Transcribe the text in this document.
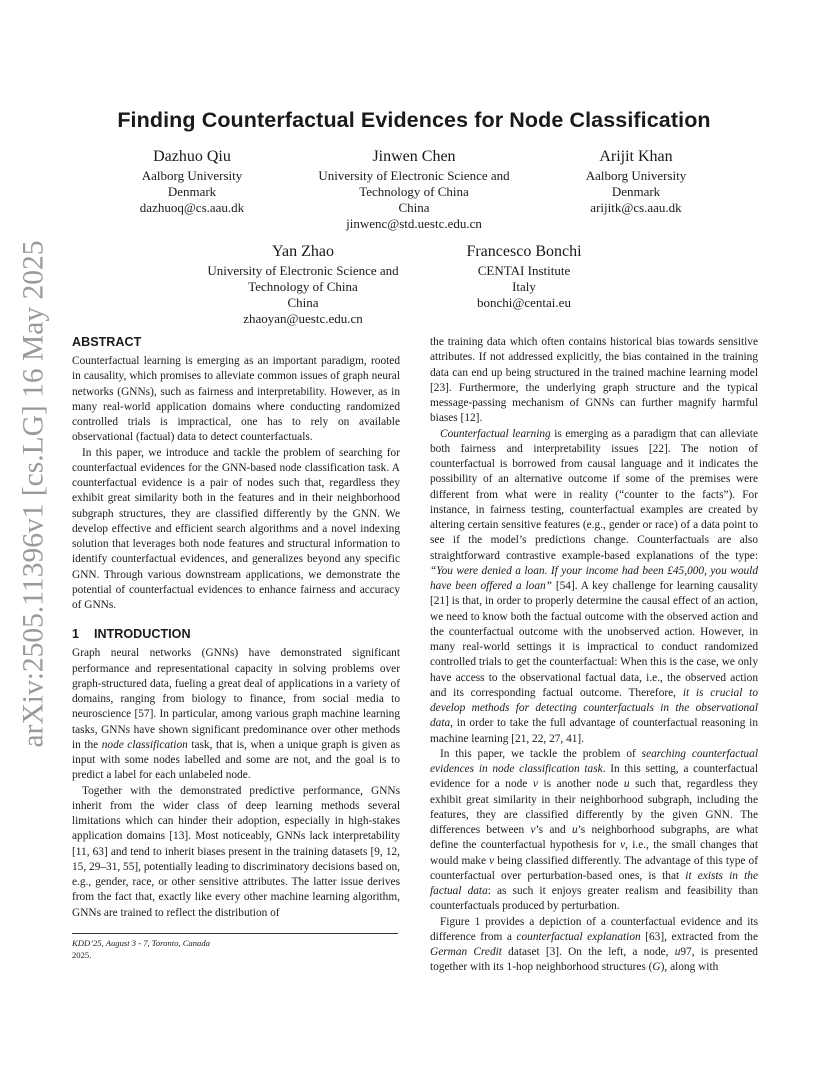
arXiv:2505.11396v1 [cs.LG] 16 May 2025
Finding Counterfactual Evidences for Node Classification
Dazhuo Qiu
Aalborg University
Denmark
dazhuoq@cs.aau.dk
Jinwen Chen
University of Electronic Science and
Technology of China
China
jinwenc@std.uestc.edu.cn
Arijit Khan
Aalborg University
Denmark
arijitk@cs.aau.dk
Yan Zhao
University of Electronic Science and
Technology of China
China
zhaoyan@uestc.edu.cn
Francesco Bonchi
CENTAI Institute
Italy
bonchi@centai.eu
ABSTRACT

Counterfactual learning is emerging as an important paradigm, rooted in causality, which promises to alleviate common issues of graph neural networks (GNNs), such as fairness and interpretability. However, as in many real-world application domains where conducting randomized controlled trials is impractical, one has to rely on available observational (factual) data to detect counterfactuals.

In this paper, we introduce and tackle the problem of searching for counterfactual evidences for the GNN-based node classification task. A counterfactual evidence is a pair of nodes such that, regardless they exhibit great similarity both in the features and in their neighborhood subgraph structures, they are classified differently by the GNN. We develop effective and efficient search algorithms and a novel indexing solution that leverages both node features and structural information to identify counterfactual evidences, and generalizes beyond any specific GNN. Through various downstream applications, we demonstrate the potential of counterfactual evidences to enhance fairness and accuracy of GNNs.

1 INTRODUCTION

Graph neural networks (GNNs) have demonstrated significant performance and representational capacity in solving problems over graph-structured data, fueling a great deal of applications in a variety of domains, ranging from biology to finance, from social media to neuroscience [57]. In particular, among various graph machine learning tasks, GNNs have shown significant predominance over other methods in the node classification task, that is, when a unique graph is given as input with some nodes labelled and some are not, and the goal is to predict a label for each unlabeled node.

Together with the demonstrated predictive performance, GNNs inherit from the wider class of deep learning methods several limitations which can hinder their adoption, especially in high-stakes application domains [13]. Most noticeably, GNNs lack interpretability [11, 63] and tend to inherit biases present in the training datasets [9, 12, 15, 29–31, 55], potentially leading to discriminatory decisions based on, e.g., gender, race, or other sensitive attributes. The latter issue derives from the fact that, exactly like every other machine learning algorithm, GNNs are trained to reflect the distribution of

the training data which often contains historical bias towards sensitive attributes. If not addressed explicitly, the bias contained in the training data can end up being structured in the trained machine learning model [23]. Furthermore, the underlying graph structure and the typical message-passing mechanism of GNNs can further magnify harmful biases [12].

Counterfactual learning is emerging as a paradigm that can alleviate both fairness and interpretability issues [22]. The notion of counterfactual is borrowed from causal language and it indicates the possibility of an alternative outcome if some of the premises were different from what were in reality (“counter to the facts”). For instance, in fairness testing, counterfactual examples are created by altering certain sensitive features (e.g., gender or race) of a data point to see if the model’s predictions change. Counterfactuals are also straightforward contrastive example-based explanations of the type: “You were denied a loan. If your income had been £45,000, you would have been offered a loan” [54]. A key challenge for learning causality [21] is that, in order to properly determine the causal effect of an action, we need to know both the factual outcome with the observed action and the counterfactual outcome with the unobserved action. However, in many real-world settings it is impractical to conduct randomized controlled trials to get the counterfactual: When this is the case, we only have access to the observational factual data, i.e., the observed action and its corresponding factual outcome. Therefore, it is crucial to develop methods for detecting counterfactuals in the observational data, in order to take the full advantage of counterfactual reasoning in machine learning [21, 22, 27, 41].

In this paper, we tackle the problem of searching counterfactual evidences in node classification task. In this setting, a counterfactual evidence for a node v is another node u such that, regardless they exhibit great similarity in their neighborhood subgraph, including the features, they are classified differently by the given GNN. The differences between v’s and u’s neighborhood subgraphs, are what define the counterfactual hypothesis for v, i.e., the small changes that would make v being classified differently. The advantage of this type of counterfactual over perturbation-based ones, is that it exists in the factual data: as such it enjoys greater realism and feasibility than counterfactuals produced by perturbation.

Figure 1 provides a depiction of a counterfactual evidence and its difference from a counterfactual explanation [63], extracted from the German Credit dataset [3]. On the left, a node, u97, is presented together with its 1-hop neighborhood structures (G), along with

KDD’25, August 3 - 7, Toronto, Canada
2025.
